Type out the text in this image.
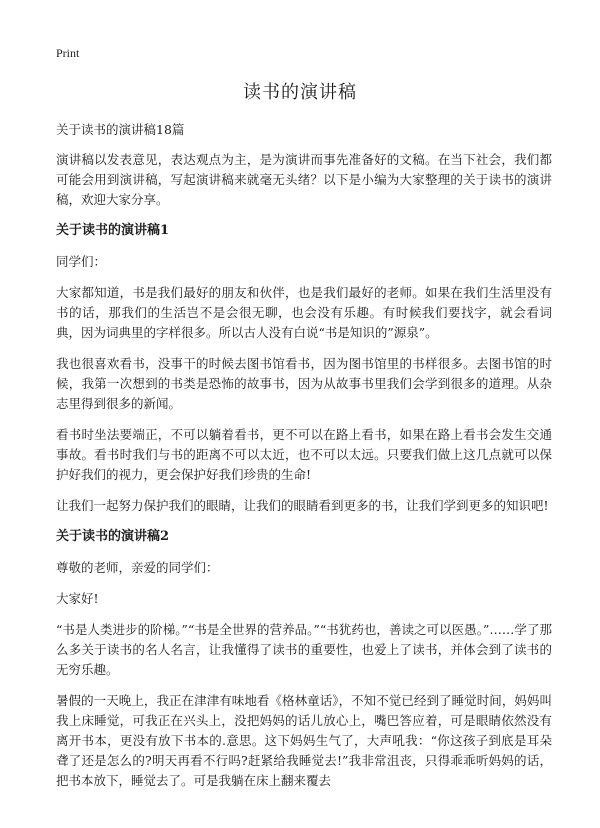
Print
读书的演讲稿

关于读书的演讲稿18篇

演讲稿以发表意见，表达观点为主，是为演讲而事先准备好的文稿。在当下社会，我们都可能会用到演讲稿，写起演讲稿来就毫无头绪？以下是小编为大家整理的关于读书的演讲稿，欢迎大家分享。

关于读书的演讲稿1

同学们：

大家都知道，书是我们最好的朋友和伙伴，也是我们最好的老师。如果在我们生活里没有书的话，那我们的生活岂不是会很无聊，也会没有乐趣。有时候我们要找字，就会看词典，因为词典里的字样很多。所以古人没有白说“书是知识的”源泉”。

我也很喜欢看书，没事干的时候去图书馆看书，因为图书馆里的书样很多。去图书馆的时候，我第一次想到的书类是恐怖的故事书，因为从故事书里我们会学到很多的道理。从杂志里得到很多的新闻。

看书时坐法要端正，不可以躺着看书，更不可以在路上看书，如果在路上看书会发生交通事故。看书时我们与书的距离不可以太近，也不可以太远。只要我们做上这几点就可以保护好我们的视力，更会保护好我们珍贵的生命!

让我们一起努力保护我们的眼睛，让我们的眼睛看到更多的书，让我们学到更多的知识吧!

关于读书的演讲稿2

尊敬的老师，亲爱的同学们：

大家好!

“书是人类进步的阶梯。”“书是全世界的营养品。”“书犹药也，善读之可以医愚。”……学了那么多关于读书的名人名言，让我懂得了读书的重要性，也爱上了读书，并体会到了读书的无穷乐趣。

暑假的一天晚上，我正在津津有味地看《格林童话》，不知不觉已经到了睡觉时间，妈妈叫我上床睡觉，可我正在兴头上，没把妈妈的话儿放心上，嘴巴答应着，可是眼睛依然没有离开书本，更没有放下书本的.意思。这下妈妈生气了，大声吼我：“你这孩子到底是耳朵聋了还是怎么的?明天再看不行吗?赶紧给我睡觉去!”我非常沮丧，只得乖乖听妈妈的话，把书本放下，睡觉去了。可是我躺在床上翻来覆去
